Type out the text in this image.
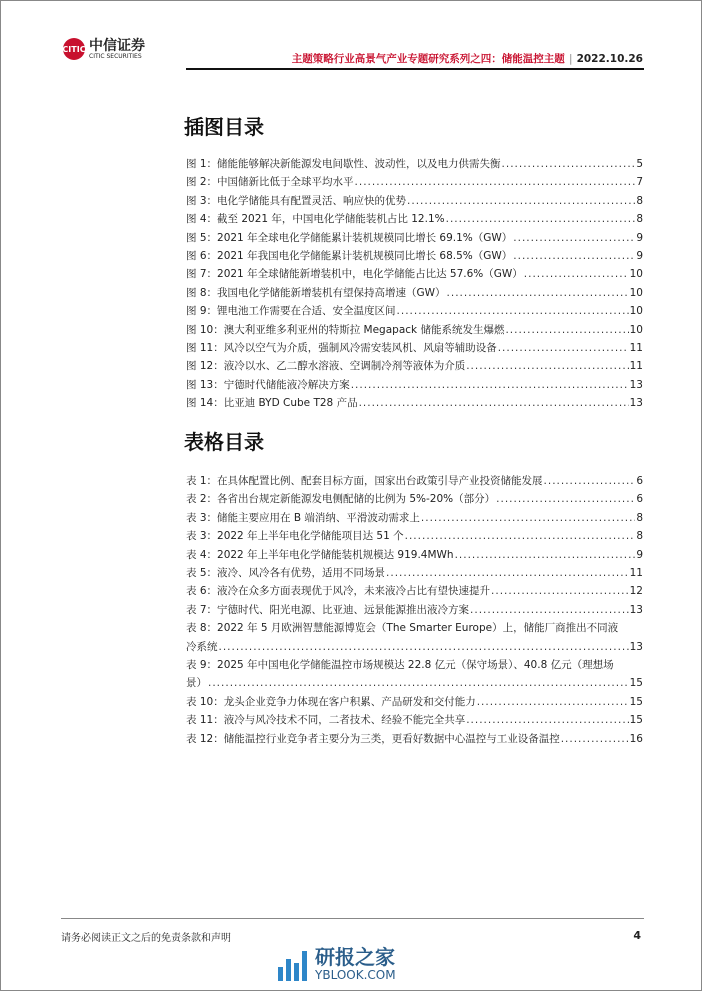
CITIC 中信证券
CITIC SECURITIES	主题策略行业高景气产业专题研究系列之四：储能温控主题 | 2022.10.26
插图目录
图 1：储能能够解决新能源发电间歇性、波动性，以及电力供需失衡 .....	5
图 2：中国储新比低于全球平均水平 .....	7
图 3：电化学储能具有配置灵活、响应快的优势 .....	8
图 4：截至 2021 年，中国电化学储能装机占比 12.1% .....	8
图 5：2021 年全球电化学储能累计装机规模同比增长 69.1%（GW） .....	9
图 6：2021 年我国电化学储能累计装机规模同比增长 68.5%（GW） .....	9
图 7：2021 年全球储能新增装机中，电化学储能占比达 57.6%（GW） .....	10
图 8：我国电化学储能新增装机有望保持高增速（GW） .....	10
图 9：锂电池工作需要在合适、安全温度区间 .....	10
图 10：澳大利亚维多利亚州的特斯拉 Megapack 储能系统发生爆燃 .....	10
图 11：风冷以空气为介质，强制风冷需安装风机、风扇等辅助设备 .....	11
图 12：液冷以水、乙二醇水溶液、空调制冷剂等液体为介质 .....	11
图 13：宁德时代储能液冷解决方案 .....	13
图 14：比亚迪 BYD Cube T28 产品 .....	13
表格目录
表 1：在具体配置比例、配套目标方面，国家出台政策引导产业投资储能发展 .....	6
表 2：各省出台规定新能源发电侧配储的比例为 5%-20%（部分） .....	6
表 3：储能主要应用在 B 端消纳、平滑波动需求上 .....	8
表 3：2022 年上半年电化学储能项目达 51 个 .....	8
表 4：2022 年上半年电化学储能装机规模达 919.4MWh .....	9
表 5：液冷、风冷各有优势，适用不同场景 .....	11
表 6：液冷在众多方面表现优于风冷，未来液冷占比有望快速提升 .....	12
表 7：宁德时代、阳光电源、比亚迪、远景能源推出液冷方案 .....	13
表 8：2022 年 5 月欧洲智慧能源博览会（The Smarter Europe）上，储能厂商推出不同液
冷系统 .....	13
表 9：2025 年中国电化学储能温控市场规模达 22.8 亿元（保守场景）、40.8 亿元（理想场
景） .....	15
表 10：龙头企业竞争力体现在客户积累、产品研发和交付能力 .....	15
表 11：液冷与风冷技术不同，二者技术、经验不能完全共享 .....	15
表 12：储能温控行业竞争者主要分为三类，更看好数据中心温控与工业设备温控 .....	16
请务必阅读正文之后的免责条款和声明	4
研报之家
YBLOOK.COM
